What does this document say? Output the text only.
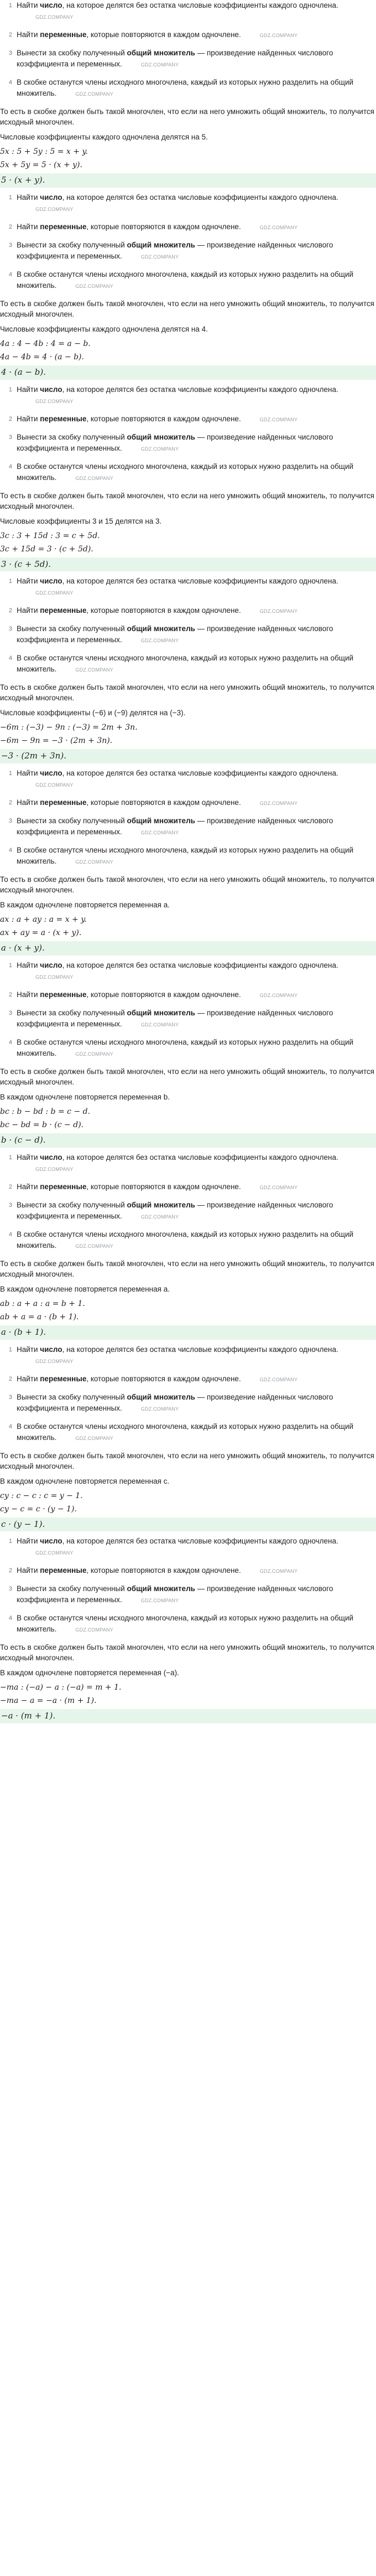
1 Найти число, на которое делятся без остатка числовые коэффициенты каждого одночлена.GDZ.COMPANY
2 Найти переменные, которые повторяются в каждом одночлене.	GDZ.COMPANY
3 Вынести за скобку полученный общий множитель — произведение найденных числового коэффициента и переменных.	GDZ.COMPANY
4 В скобке останутся члены исходного многочлена, каждый из которых нужно разделить на общий множитель.	GDZ.COMPANY
То есть в скобке должен быть такой многочлен, что если на него умножить общий множитель, то получится исходный многочлен.
Числовые коэффициенты каждого одночлена делятся на 5.
5x : 5 + 5y : 5 = x + y.
5x + 5y = 5 · (x + y).
5 · (x + y).
1 Найти число, на которое делятся без остатка числовые коэффициенты каждого одночлена.GDZ.COMPANY
2 Найти переменные, которые повторяются в каждом одночлене.	GDZ.COMPANY
3 Вынести за скобку полученный общий множитель — произведение найденных числового коэффициента и переменных.	GDZ.COMPANY
4 В скобке останутся члены исходного многочлена, каждый из которых нужно разделить на общий множитель.	GDZ.COMPANY
То есть в скобке должен быть такой многочлен, что если на него умножить общий множитель, то получится исходный многочлен.
Числовые коэффициенты каждого одночлена делятся на 4.
4a : 4 − 4b : 4 = a − b.
4a − 4b = 4 · (a − b).
4 · (a − b).
1 Найти число, на которое делятся без остатка числовые коэффициенты каждого одночлена.GDZ.COMPANY
2 Найти переменные, которые повторяются в каждом одночлене.	GDZ.COMPANY
3 Вынести за скобку полученный общий множитель — произведение найденных числового коэффициента и переменных.	GDZ.COMPANY
4 В скобке останутся члены исходного многочлена, каждый из которых нужно разделить на общий множитель.	GDZ.COMPANY
То есть в скобке должен быть такой многочлен, что если на него умножить общий множитель, то получится исходный многочлен.
Числовые коэффициенты 3 и 15 делятся на 3.
3c : 3 + 15d : 3 = c + 5d.
3c + 15d = 3 · (c + 5d).
3 · (c + 5d).
1 Найти число, на которое делятся без остатка числовые коэффициенты каждого одночлена.GDZ.COMPANY
2 Найти переменные, которые повторяются в каждом одночлене.	GDZ.COMPANY
3 Вынести за скобку полученный общий множитель — произведение найденных числового коэффициента и переменных.	GDZ.COMPANY
4 В скобке останутся члены исходного многочлена, каждый из которых нужно разделить на общий множитель.	GDZ.COMPANY
То есть в скобке должен быть такой многочлен, что если на него умножить общий множитель, то получится исходный многочлен.
Числовые коэффициенты (−6) и (−9) делятся на (−3).
−6m : (−3) − 9n : (−3) = 2m + 3n.
−6m − 9n = −3 · (2m + 3n).
−3 · (2m + 3n).
1 Найти число, на которое делятся без остатка числовые коэффициенты каждого одночлена.GDZ.COMPANY
2 Найти переменные, которые повторяются в каждом одночлене.	GDZ.COMPANY
3 Вынести за скобку полученный общий множитель — произведение найденных числового коэффициента и переменных.	GDZ.COMPANY
4 В скобке останутся члены исходного многочлена, каждый из которых нужно разделить на общий множитель.	GDZ.COMPANY
То есть в скобке должен быть такой многочлен, что если на него умножить общий множитель, то получится исходный многочлен.
В каждом одночлене повторяется переменная a.
ax : a + ay : a = x + y.
ax + ay = a · (x + y).
a · (x + y).
1 Найти число, на которое делятся без остатка числовые коэффициенты каждого одночлена.GDZ.COMPANY
2 Найти переменные, которые повторяются в каждом одночлене.	GDZ.COMPANY
3 Вынести за скобку полученный общий множитель — произведение найденных числового коэффициента и переменных.	GDZ.COMPANY
4 В скобке останутся члены исходного многочлена, каждый из которых нужно разделить на общий множитель.	GDZ.COMPANY
То есть в скобке должен быть такой многочлен, что если на него умножить общий множитель, то получится исходный многочлен.
В каждом одночлене повторяется переменная b.
bc : b − bd : b = c − d.
bc − bd = b · (c − d).
b · (c − d).
1 Найти число, на которое делятся без остатка числовые коэффициенты каждого одночлена.GDZ.COMPANY
2 Найти переменные, которые повторяются в каждом одночлене.	GDZ.COMPANY
3 Вынести за скобку полученный общий множитель — произведение найденных числового коэффициента и переменных.	GDZ.COMPANY
4 В скобке останутся члены исходного многочлена, каждый из которых нужно разделить на общий множитель.	GDZ.COMPANY
То есть в скобке должен быть такой многочлен, что если на него умножить общий множитель, то получится исходный многочлен.
В каждом одночлене повторяется переменная a.
ab : a + a : a = b + 1.
ab + a = a · (b + 1).
a · (b + 1).
1 Найти число, на которое делятся без остатка числовые коэффициенты каждого одночлена.GDZ.COMPANY
2 Найти переменные, которые повторяются в каждом одночлене.	GDZ.COMPANY
3 Вынести за скобку полученный общий множитель — произведение найденных числового коэффициента и переменных.	GDZ.COMPANY
4 В скобке останутся члены исходного многочлена, каждый из которых нужно разделить на общий множитель.	GDZ.COMPANY
То есть в скобке должен быть такой многочлен, что если на него умножить общий множитель, то получится исходный многочлен.
В каждом одночлене повторяется переменная c.
cy : c − c : c = y − 1.
cy − c = c · (y − 1).
c · (y − 1).
1 Найти число, на которое делятся без остатка числовые коэффициенты каждого одночлена.GDZ.COMPANY
2 Найти переменные, которые повторяются в каждом одночлене.	GDZ.COMPANY
3 Вынести за скобку полученный общий множитель — произведение найденных числового коэффициента и переменных.	GDZ.COMPANY
4 В скобке останутся члены исходного многочлена, каждый из которых нужно разделить на общий множитель.	GDZ.COMPANY
То есть в скобке должен быть такой многочлен, что если на него умножить общий множитель, то получится исходный многочлен.
В каждом одночлене повторяется переменная (−a).
−ma : (−a) − a : (−a) = m + 1.
−ma − a = −a · (m + 1).
−a · (m + 1).
